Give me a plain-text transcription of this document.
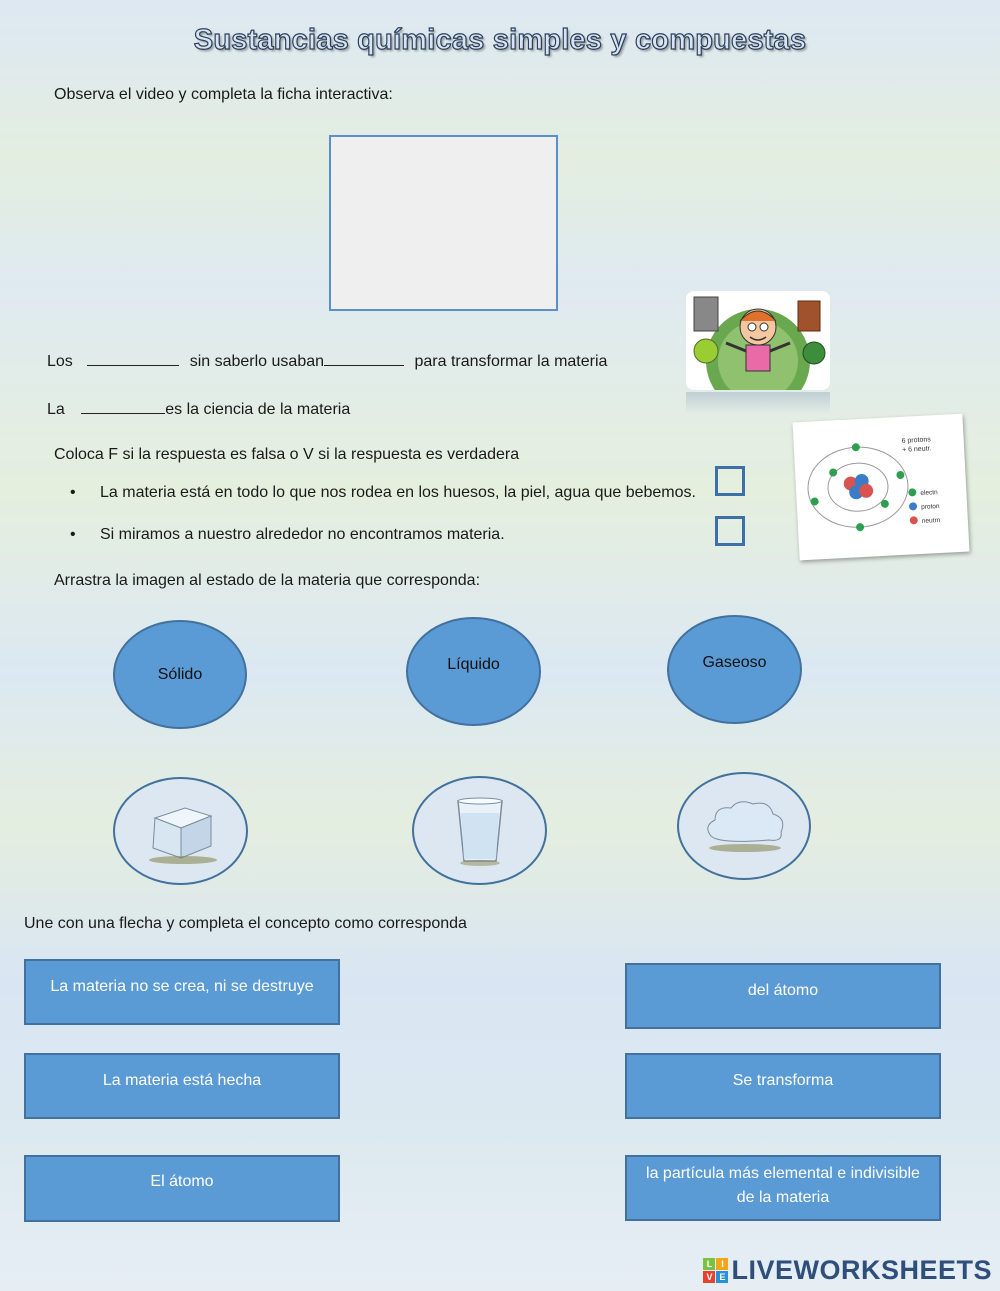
Sustancias químicas simples y compuestas
Observa el video y completa la ficha interactiva:
Los	sin saberlo usaban	para transformar la materia
La	es la ciencia de la materia
Coloca F si la respuesta es falsa o V si la respuesta es verdadera
• La materia está en todo lo que nos rodea en los huesos, la piel, agua que bebemos.
• Si miramos a nuestro alrededor no encontramos materia.
6 protons
+ 6 neutr.
electn
proton
neutrn
Arrastra la imagen al estado de la materia que corresponda:
Sólido
Líquido	Gaseoso
Une con una flecha y completa el concepto como corresponda
La materia no se crea, ni se destruye
La materia está hecha
El átomo
del átomo
Se transforma
la partícula más elemental e indivisible de la materia
L I
V E LIVEWORKSHEETS
